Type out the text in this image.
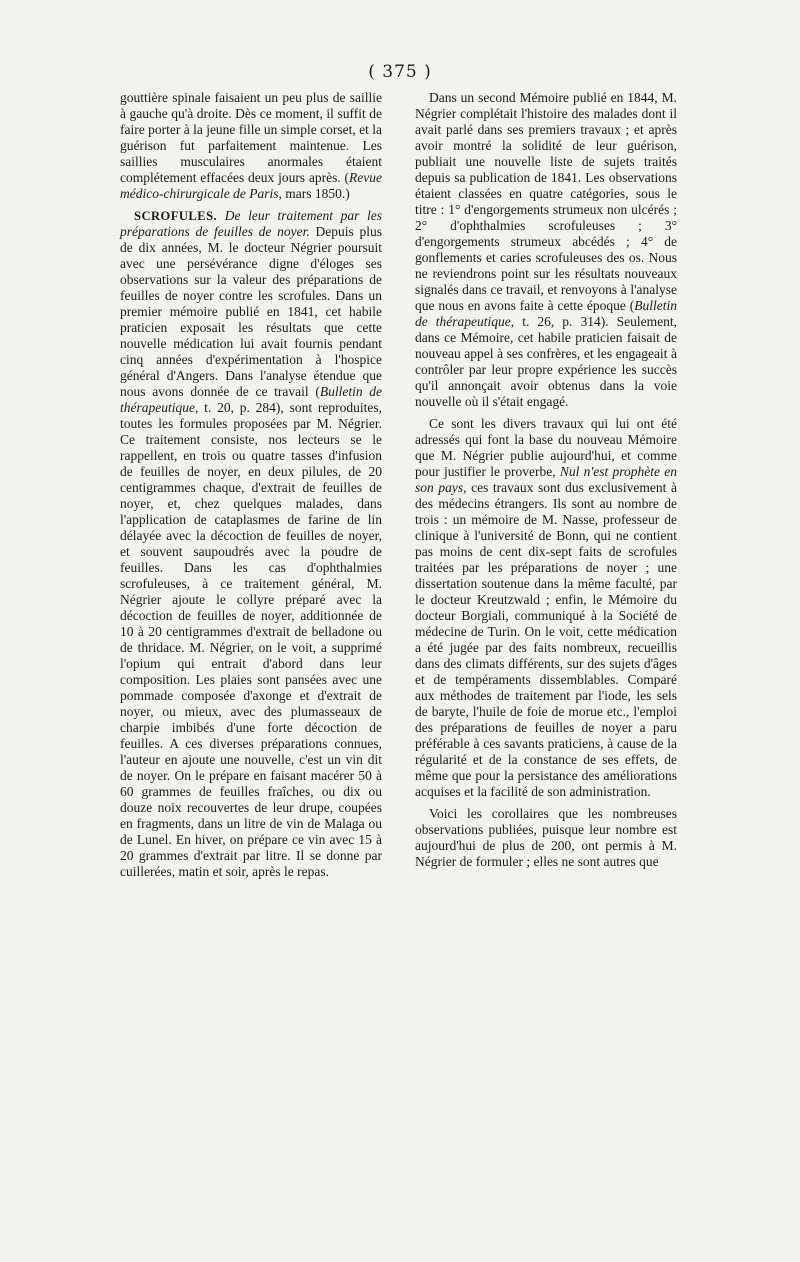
( 375 )

gouttière spinale faisaient un peu plus de saillie à gauche qu'à droite. Dès ce moment, il suffit de faire porter à la jeune fille un simple corset, et la guérison fut parfaitement maintenue. Les saillies musculaires anormales étaient complétement effacées deux jours après. (Revue médico-chirurgicale de Paris, mars 1850.)

SCROFULES. De leur traitement par les préparations de feuilles de noyer. Depuis plus de dix années, M. le docteur Négrier poursuit avec une persévérance digne d'éloges ses observations sur la valeur des préparations de feuilles de noyer contre les scrofules. Dans un premier mémoire publié en 1841, cet habile praticien exposait les résultats que cette nouvelle médication lui avait fournis pendant cinq années d'expérimentation à l'hospice général d'Angers. Dans l'analyse étendue que nous avons donnée de ce travail (Bulletin de thérapeutique, t. 20, p. 284), sont reproduites, toutes les formules proposées par M. Négrier. Ce traitement consiste, nos lecteurs se le rappellent, en trois ou quatre tasses d'infusion de feuilles de noyer, en deux pilules, de 20 centigrammes chaque, d'extrait de feuilles de noyer, et, chez quelques malades, dans l'application de cataplasmes de farine de lin délayée avec la décoction de feuilles de noyer, et souvent saupoudrés avec la poudre de feuilles. Dans les cas d'ophthalmies scrofuleuses, à ce traitement général, M. Négrier ajoute le collyre préparé avec la décoction de feuilles de noyer, additionnée de 10 à 20 centigrammes d'extrait de belladone ou de thridace. M. Négrier, on le voit, a supprimé l'opium qui entrait d'abord dans leur composition. Les plaies sont pansées avec une pommade composée d'axonge et d'extrait de noyer, ou mieux, avec des plumasseaux de charpie imbibés d'une forte décoction de feuilles. A ces diverses préparations connues, l'auteur en ajoute une nouvelle, c'est un vin dit de noyer. On le prépare en faisant macérer 50 à 60 grammes de feuilles fraîches, ou dix ou douze noix recouvertes de leur drupe, coupées en fragments, dans un litre de vin de Malaga ou de Lunel. En hiver, on prépare ce vin avec 15 à 20 grammes d'extrait par litre. Il se donne par cuillerées, matin et soir, après le repas.

Dans un second Mémoire publié en 1844, M. Négrier complétait l'histoire des malades dont il avait parlé dans ses premiers travaux ; et après avoir montré la solidité de leur guérison, publiait une nouvelle liste de sujets traités depuis sa publication de 1841. Les observations étaient classées en quatre catégories, sous le titre : 1° d'engorgements strumeux non ulcérés ; 2° d'ophthalmies scrofuleuses ; 3° d'engorgements strumeux abcédés ; 4° de gonflements et caries scrofuleuses des os. Nous ne reviendrons point sur les résultats nouveaux signalés dans ce travail, et renvoyons à l'analyse que nous en avons faite à cette époque (Bulletin de thérapeutique, t. 26, p. 314). Seulement, dans ce Mémoire, cet habile praticien faisait de nouveau appel à ses confrères, et les engageait à contrôler par leur propre expérience les succès qu'il annonçait avoir obtenus dans la voie nouvelle où il s'était engagé.

Ce sont les divers travaux qui lui ont été adressés qui font la base du nouveau Mémoire que M. Négrier publie aujourd'hui, et comme pour justifier le proverbe, Nul n'est prophète en son pays, ces travaux sont dus exclusivement à des médecins étrangers. Ils sont au nombre de trois : un mémoire de M. Nasse, professeur de clinique à l'université de Bonn, qui ne contient pas moins de cent dix-sept faits de scrofules traitées par les préparations de noyer ; une dissertation soutenue dans la même faculté, par le docteur Kreutzwald ; enfin, le Mémoire du docteur Borgiali, communiqué à la Société de médecine de Turin. On le voit, cette médication a été jugée par des faits nombreux, recueillis dans des climats différents, sur des sujets d'âges et de tempéraments dissemblables. Comparé aux méthodes de traitement par l'iode, les sels de baryte, l'huile de foie de morue etc., l'emploi des préparations de feuilles de noyer a paru préférable à ces savants praticiens, à cause de la régularité et de la constance de ses effets, de même que pour la persistance des améliorations acquises et la facilité de son administration.

Voici les corollaires que les nombreuses observations publiées, puisque leur nombre est aujourd'hui de plus de 200, ont permis à M. Négrier de formuler ; elles ne sont autres que
